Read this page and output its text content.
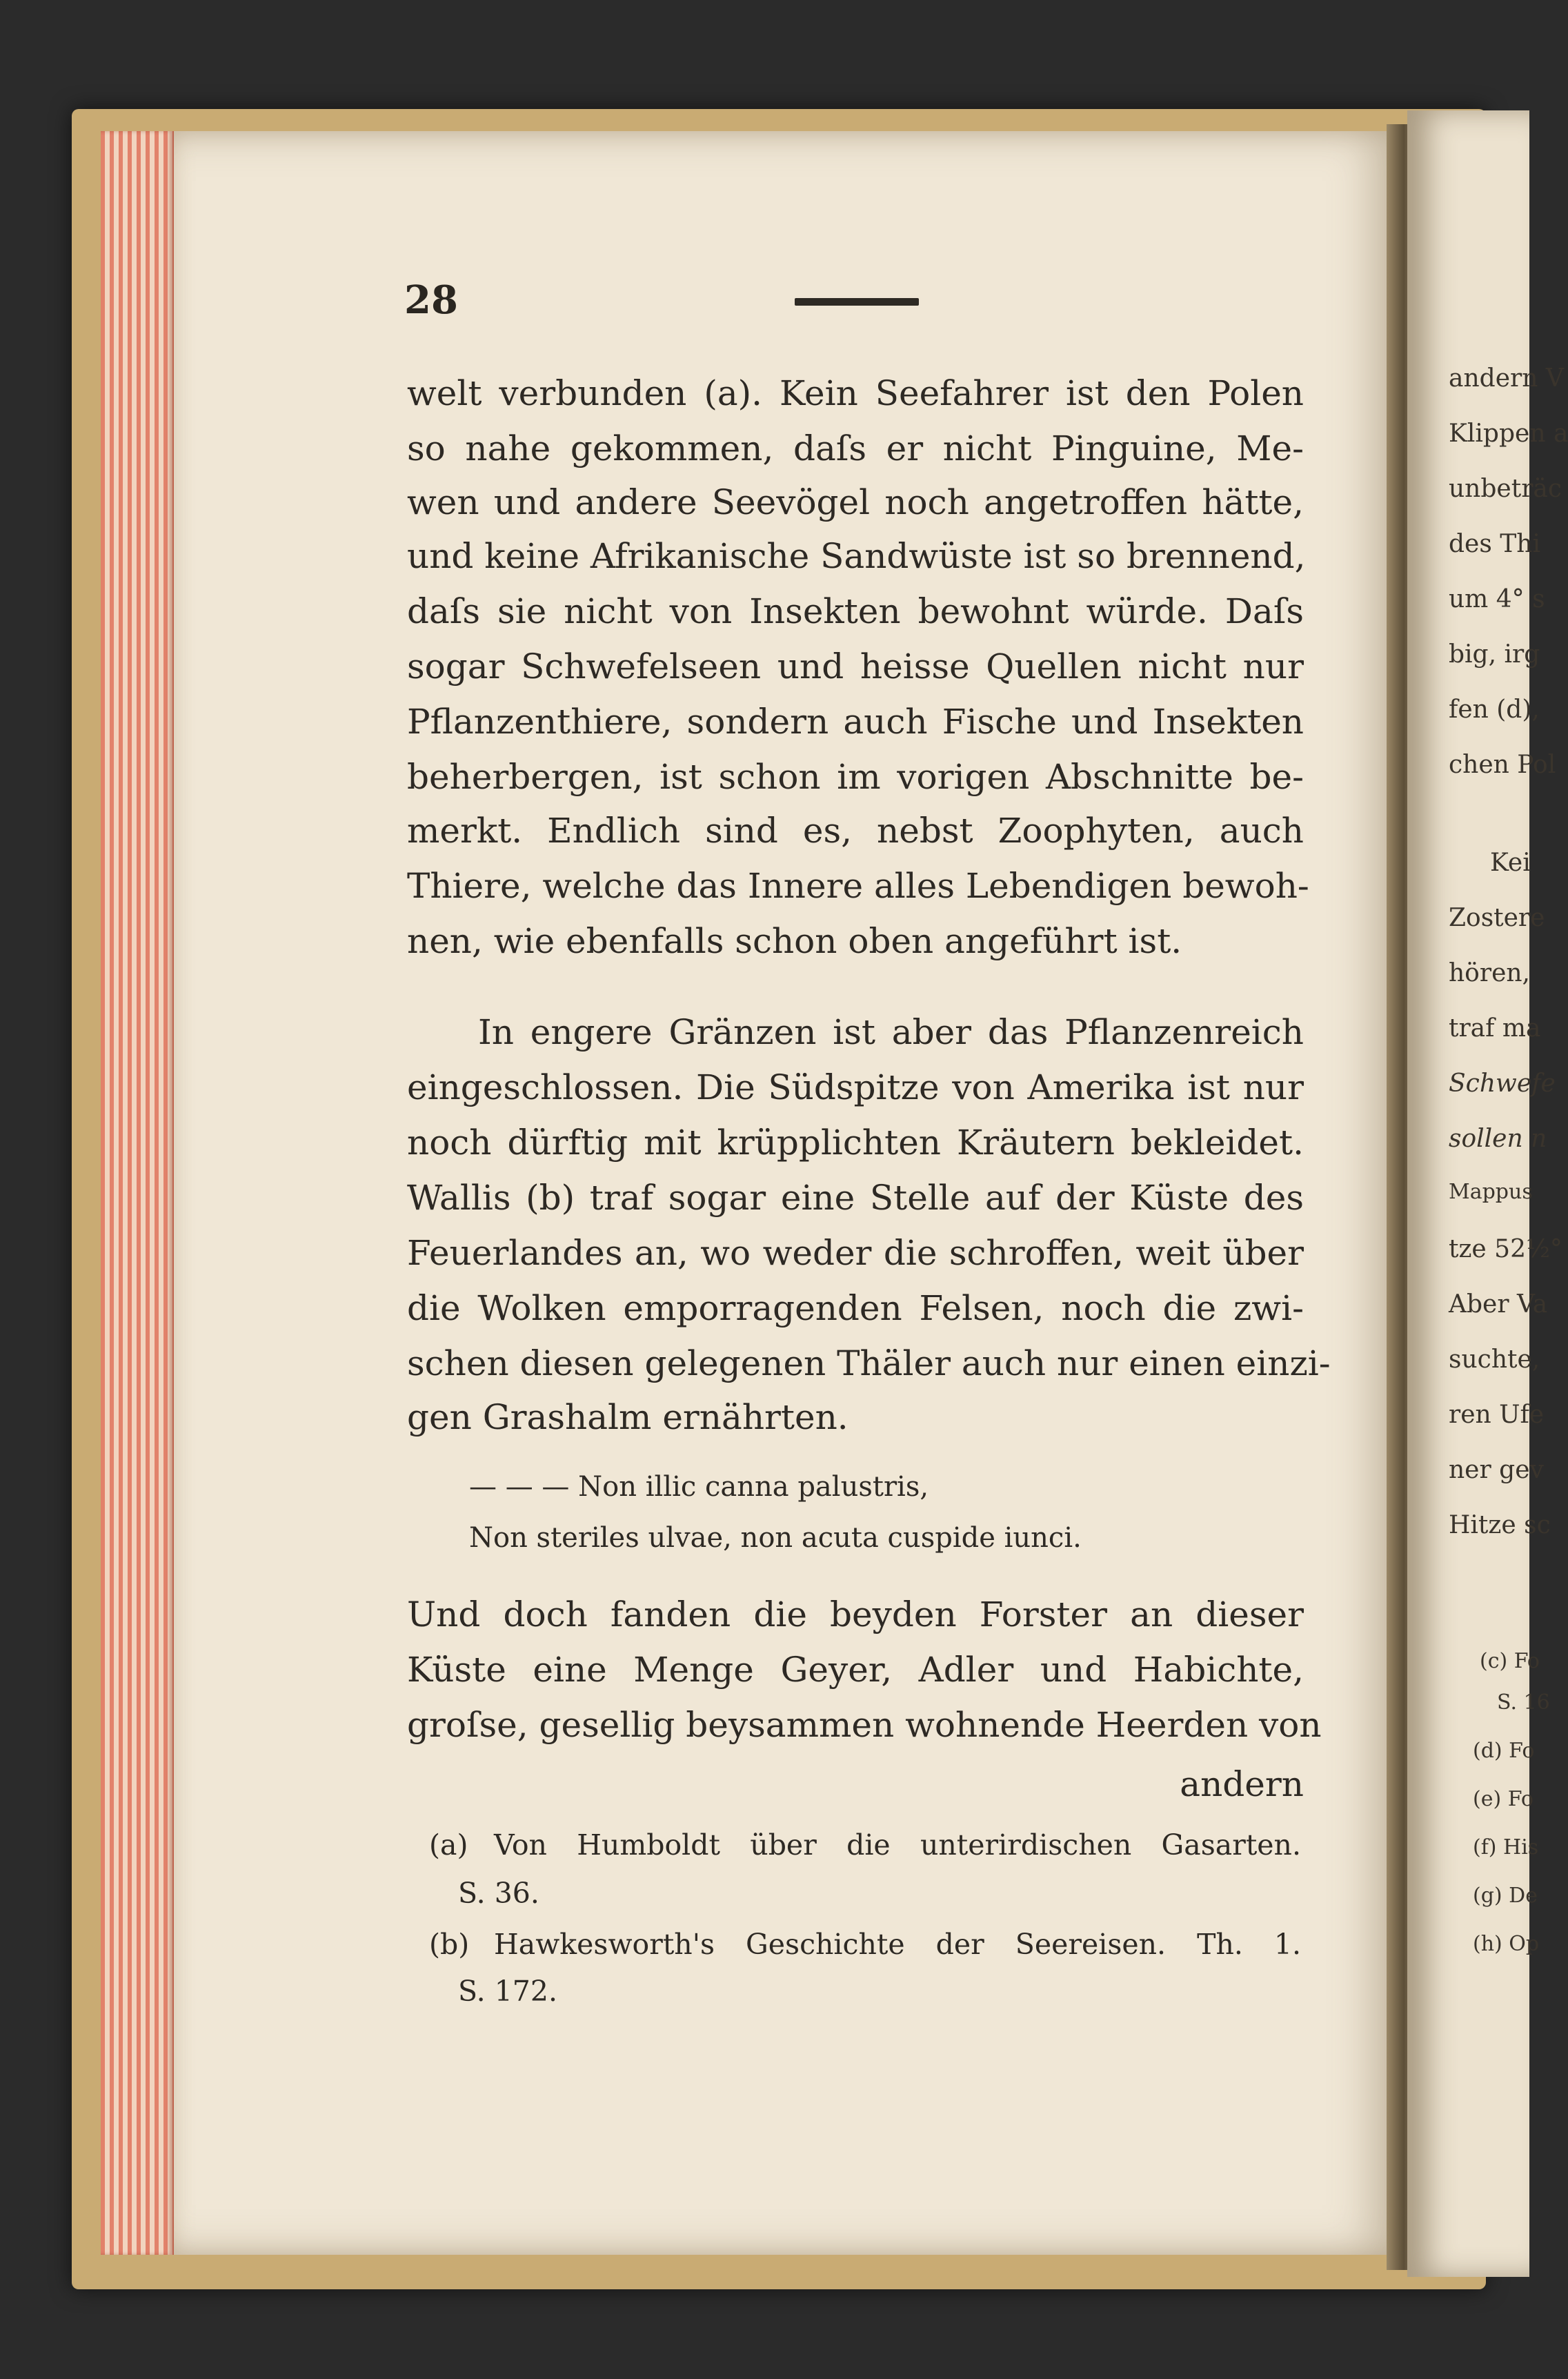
andern V
Klippen a
unbeträc
des Thi
um 4° s
big, irg
fen (d),
chen Pol
Kei
Zostere
hören,
traf ma
Schwefe
sollen n
Mappus
tze 52½°
Aber Va
suchte,
ren Ufe
ner gev
Hitze sc
(c) Fo
S. 16
(d) Fo
(e) Fo
(f) His
(g) De
(h) Op
28
welt verbunden (a). Kein Seefahrer ist den Polen
so nahe gekommen, daſs er nicht Pinguine, Me-
wen und andere Seevögel noch angetroffen hätte,
und keine Afrikanische Sandwüste ist so brennend,
daſs sie nicht von Insekten bewohnt würde. Daſs
sogar Schwefelseen und heisse Quellen nicht nur
Pflanzenthiere, sondern auch Fische und Insekten
beherbergen, ist schon im vorigen Abschnitte be-
merkt. Endlich sind es, nebst Zoophyten, auch
Thiere, welche das Innere alles Lebendigen bewoh-
nen, wie ebenfalls schon oben angeführt ist.
In engere Gränzen ist aber das Pflanzenreich
eingeschlossen. Die Südspitze von Amerika ist nur
noch dürftig mit krüpplichten Kräutern bekleidet.
Wallis (b) traf sogar eine Stelle auf der Küste des
Feuerlandes an, wo weder die schroffen, weit über
die Wolken emporragenden Felsen, noch die zwi-
schen diesen gelegenen Thäler auch nur einen einzi-
gen Grashalm ernährten.
— — — Non illic canna palustris,
Non steriles ulvae, non acuta cuspide iunci.
Und doch fanden die beyden Forster an dieser
Küste eine Menge Geyer, Adler und Habichte,
groſse, gesellig beysammen wohnende Heerden von
andern
(a) Von Humboldt über die unterirdischen Gasarten.
S. 36.
(b) Hawkesworth's Geschichte der Seereisen. Th. 1.
S. 172.
